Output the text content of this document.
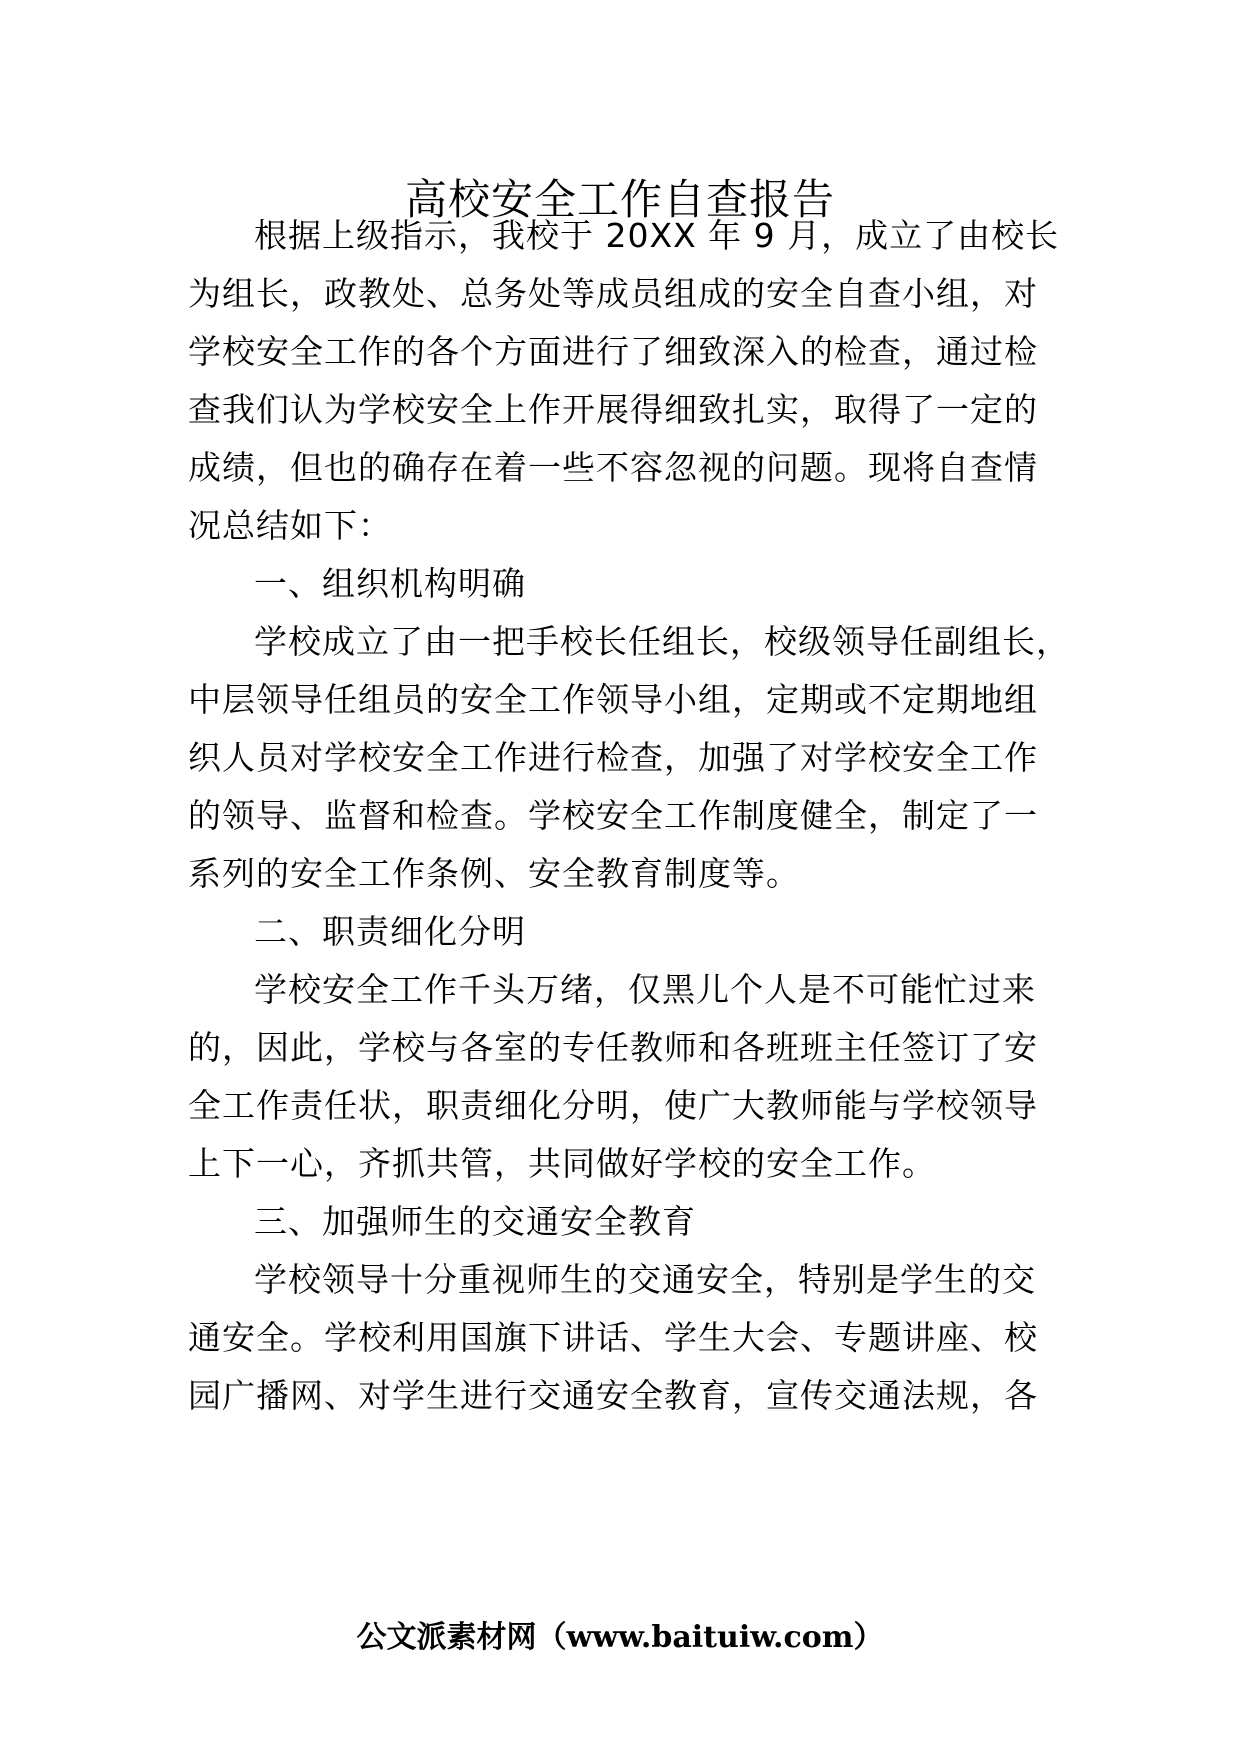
高校安全工作自查报告
根据上级指示，我校于 20XX 年 9 月，成立了由校长
为组长，政教处、总务处等成员组成的安全自查小组，对
学校安全工作的各个方面进行了细致深入的检查，通过检
查我们认为学校安全上作开展得细致扎实，取得了一定的
成绩，但也的确存在着一些不容忽视的问题。现将自查情
况总结如下：
一、组织机构明确
学校成立了由一把手校长任组长，校级领导任副组长，
中层领导任组员的安全工作领导小组，定期或不定期地组
织人员对学校安全工作进行检查，加强了对学校安全工作
的领导、监督和检查。学校安全工作制度健全，制定了一
系列的安全工作条例、安全教育制度等。
二、职责细化分明
学校安全工作千头万绪，仅黑儿个人是不可能忙过来
的，因此，学校与各室的专任教师和各班班主任签订了安
全工作责任状，职责细化分明，使广大教师能与学校领导
上下一心，齐抓共管，共同做好学校的安全工作。
三、加强师生的交通安全教育
学校领导十分重视师生的交通安全，特别是学生的交
通安全。学校利用国旗下讲话、学生大会、专题讲座、校
园广播网、对学生进行交通安全教育，宣传交通法规，各
公文派素材网（www.baituiw.com）
